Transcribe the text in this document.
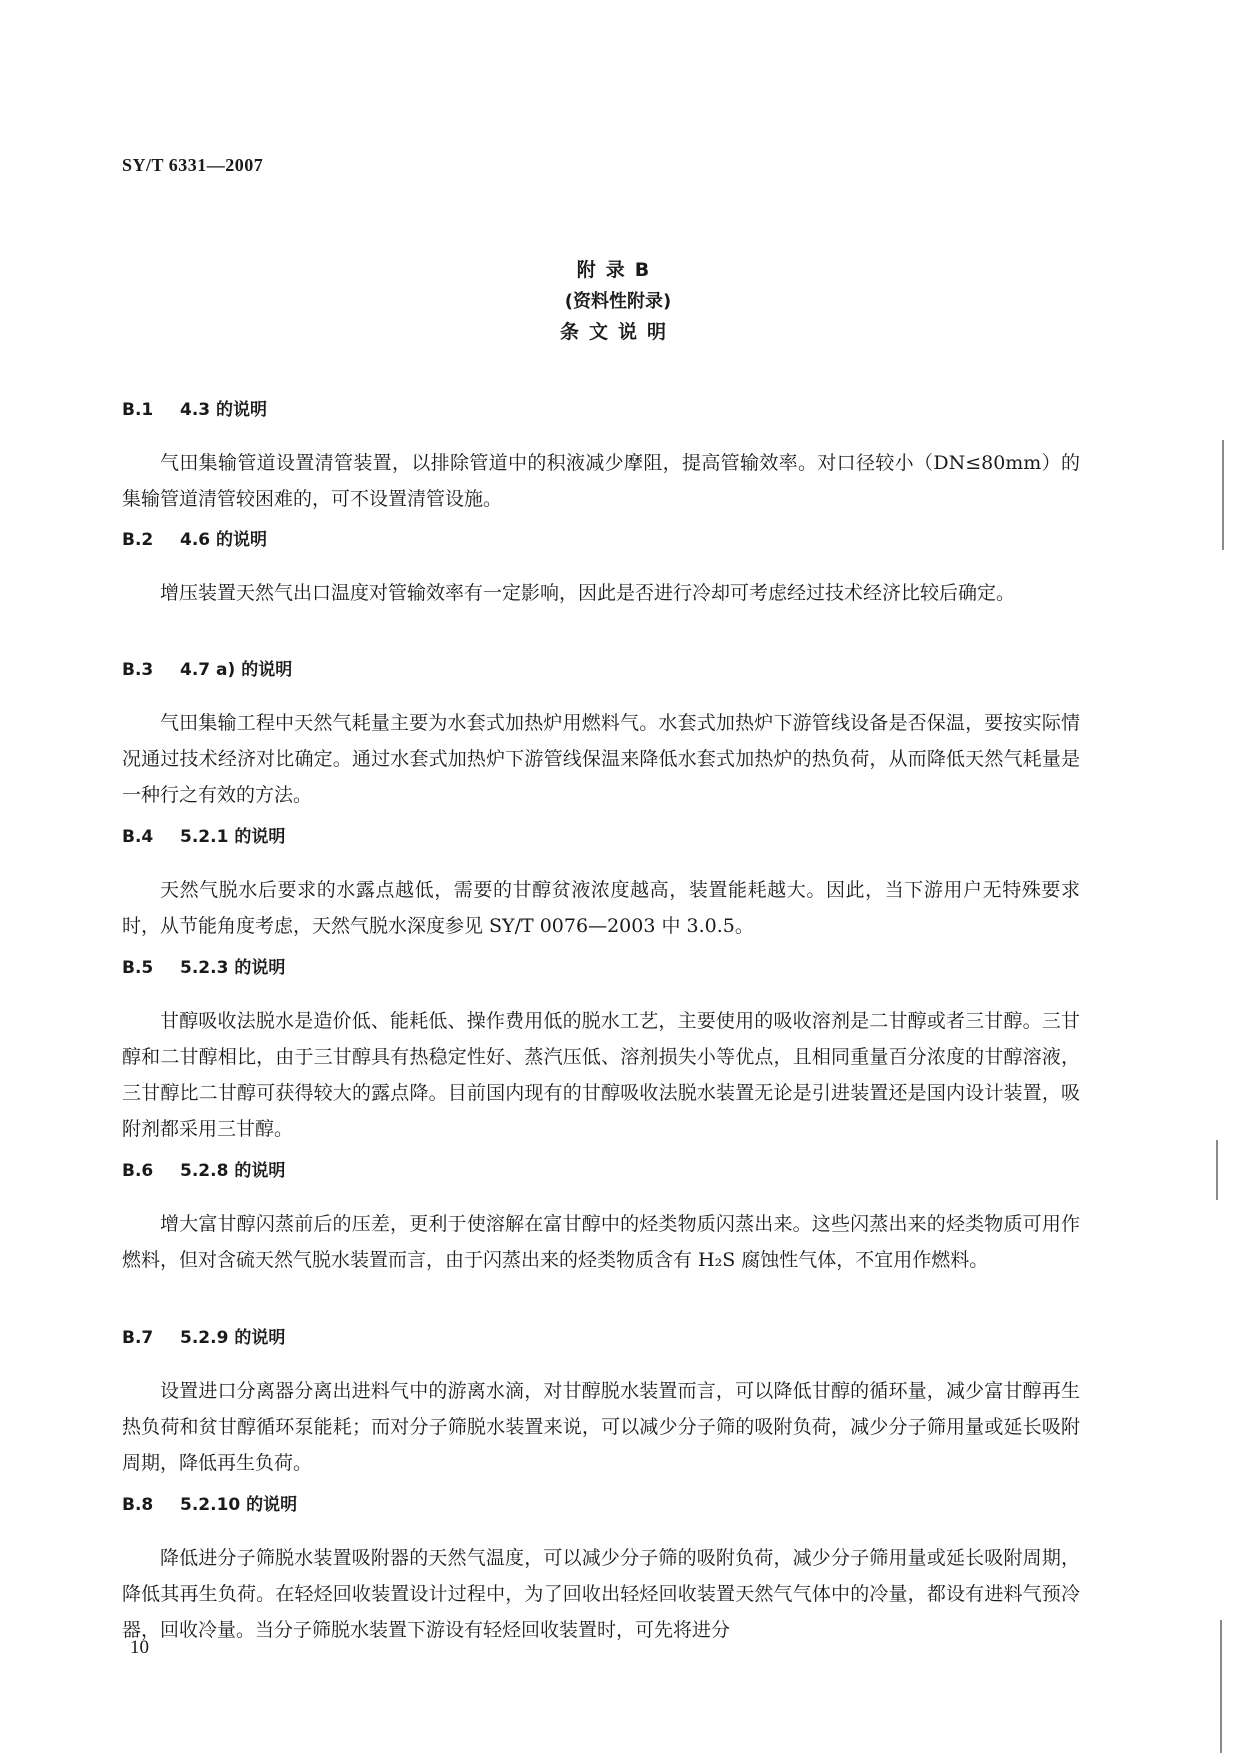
SY/T 6331—2007
附录B
(资料性附录)
条文说明
B.1 4.3 的说明
气田集输管道设置清管装置，以排除管道中的积液减少摩阻，提高管输效率。对口径较小（DN≤80mm）的集输管道清管较困难的，可不设置清管设施。
B.2 4.6 的说明
增压装置天然气出口温度对管输效率有一定影响，因此是否进行冷却可考虑经过技术经济比较后确定。
B.3 4.7 a) 的说明
气田集输工程中天然气耗量主要为水套式加热炉用燃料气。水套式加热炉下游管线设备是否保温，要按实际情况通过技术经济对比确定。通过水套式加热炉下游管线保温来降低水套式加热炉的热负荷，从而降低天然气耗量是一种行之有效的方法。
B.4 5.2.1 的说明
天然气脱水后要求的水露点越低，需要的甘醇贫液浓度越高，装置能耗越大。因此，当下游用户无特殊要求时，从节能角度考虑，天然气脱水深度参见 SY/T 0076—2003 中 3.0.5。
B.5 5.2.3 的说明
甘醇吸收法脱水是造价低、能耗低、操作费用低的脱水工艺，主要使用的吸收溶剂是二甘醇或者三甘醇。三甘醇和二甘醇相比，由于三甘醇具有热稳定性好、蒸汽压低、溶剂损失小等优点，且相同重量百分浓度的甘醇溶液，三甘醇比二甘醇可获得较大的露点降。目前国内现有的甘醇吸收法脱水装置无论是引进装置还是国内设计装置，吸附剂都采用三甘醇。
B.6 5.2.8 的说明
增大富甘醇闪蒸前后的压差，更利于使溶解在富甘醇中的烃类物质闪蒸出来。这些闪蒸出来的烃类物质可用作燃料，但对含硫天然气脱水装置而言，由于闪蒸出来的烃类物质含有 H₂S 腐蚀性气体，不宜用作燃料。
B.7 5.2.9 的说明
设置进口分离器分离出进料气中的游离水滴，对甘醇脱水装置而言，可以降低甘醇的循环量，减少富甘醇再生热负荷和贫甘醇循环泵能耗；而对分子筛脱水装置来说，可以减少分子筛的吸附负荷，减少分子筛用量或延长吸附周期，降低再生负荷。
B.8 5.2.10 的说明
降低进分子筛脱水装置吸附器的天然气温度，可以减少分子筛的吸附负荷，减少分子筛用量或延长吸附周期，降低其再生负荷。在轻烃回收装置设计过程中，为了回收出轻烃回收装置天然气气体中的冷量，都设有进料气预冷器，回收冷量。当分子筛脱水装置下游设有轻烃回收装置时，可先将进分
10
